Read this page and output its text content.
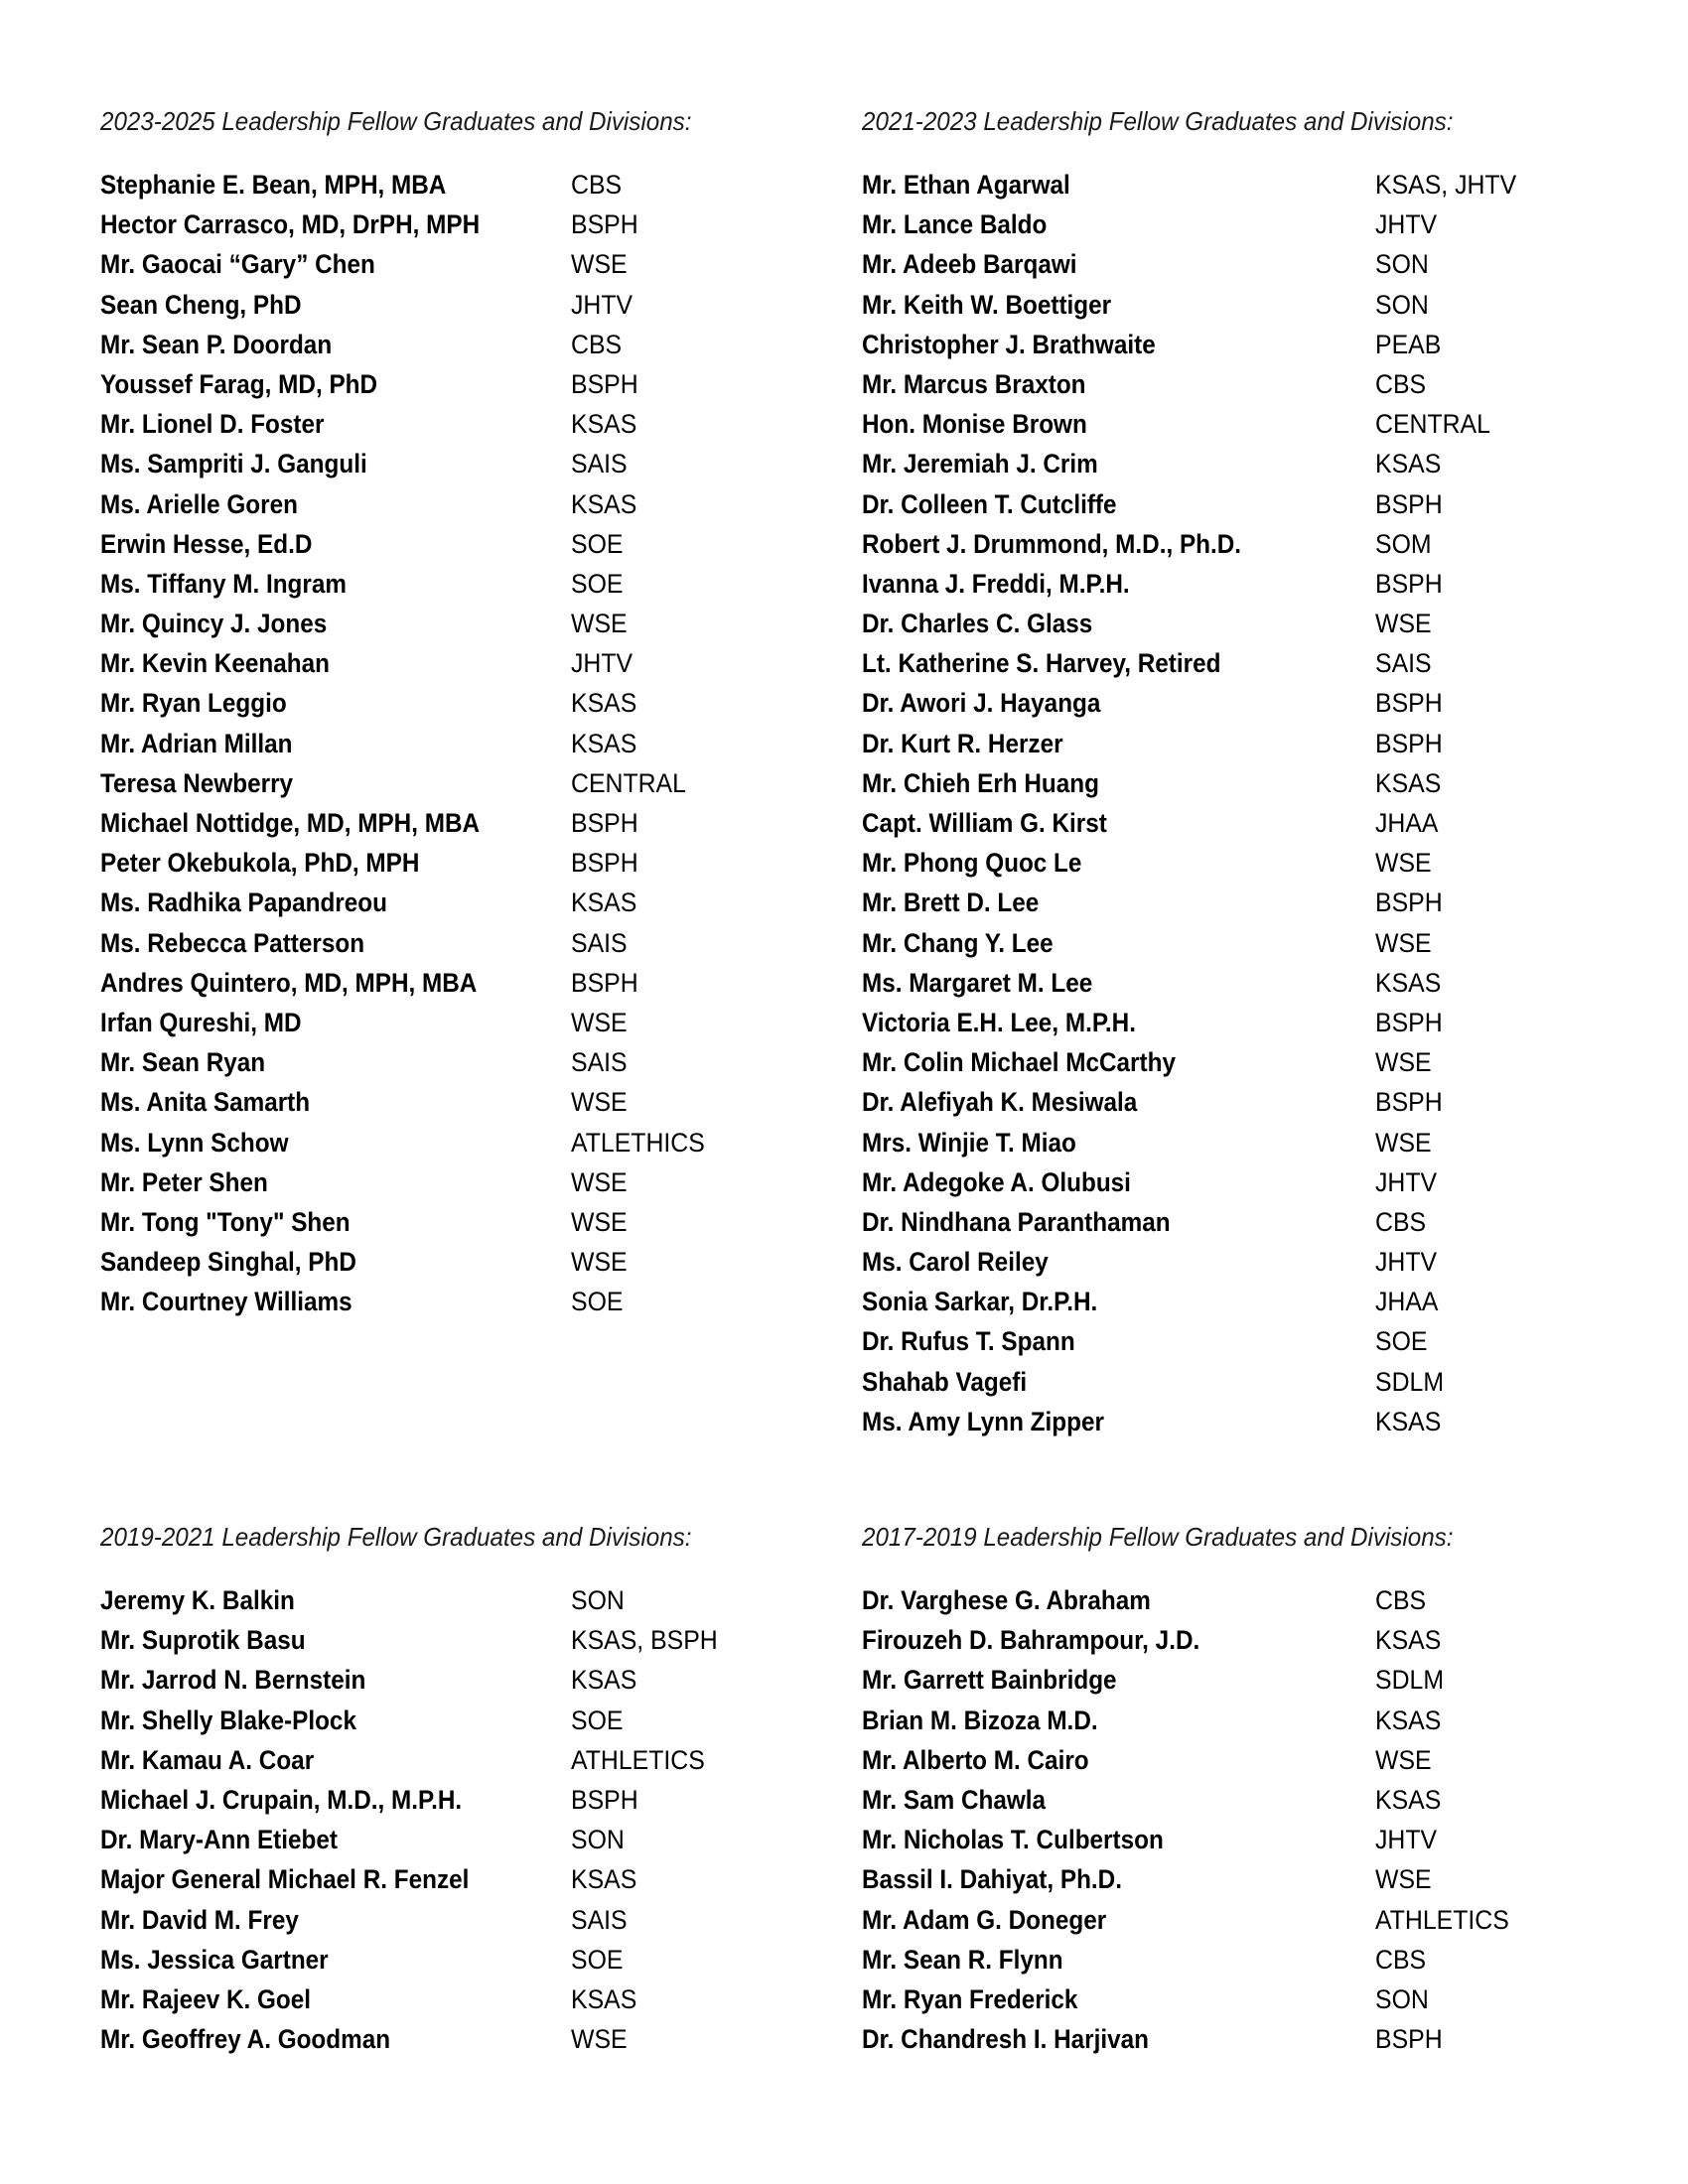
2023-2025 Leadership Fellow Graduates and Divisions:
Stephanie E. Bean, MPH, MBA	CBS
Hector Carrasco, MD, DrPH, MPH	BSPH
Mr. Gaocai “Gary” Chen	WSE
Sean Cheng, PhD	JHTV
Mr. Sean P. Doordan	CBS
Youssef Farag, MD, PhD	BSPH
Mr. Lionel D. Foster	KSAS
Ms. Sampriti J. Ganguli	SAIS
Ms. Arielle Goren	KSAS
Erwin Hesse, Ed.D	SOE
Ms. Tiffany M. Ingram	SOE
Mr. Quincy J. Jones	WSE
Mr. Kevin Keenahan	JHTV
Mr. Ryan Leggio	KSAS
Mr. Adrian Millan	KSAS
Teresa Newberry	CENTRAL
Michael Nottidge, MD, MPH, MBA	BSPH
Peter Okebukola, PhD, MPH	BSPH
Ms. Radhika Papandreou	KSAS
Ms. Rebecca Patterson	SAIS
Andres Quintero, MD, MPH, MBA	BSPH
Irfan Qureshi, MD	WSE
Mr. Sean Ryan	SAIS
Ms. Anita Samarth	WSE
Ms. Lynn Schow	ATLETHICS
Mr. Peter Shen	WSE
Mr. Tong "Tony" Shen	WSE
Sandeep Singhal, PhD	WSE
Mr. Courtney Williams	SOE
2021-2023 Leadership Fellow Graduates and Divisions:
Mr. Ethan Agarwal	KSAS, JHTV
Mr. Lance Baldo	JHTV
Mr. Adeeb Barqawi	SON
Mr. Keith W. Boettiger	SON
Christopher J. Brathwaite	PEAB
Mr. Marcus Braxton	CBS
Hon. Monise Brown	CENTRAL
Mr. Jeremiah J. Crim	KSAS
Dr. Colleen T. Cutcliffe	BSPH
Robert J. Drummond, M.D., Ph.D.	SOM
Ivanna J. Freddi, M.P.H.	BSPH
Dr. Charles C. Glass	WSE
Lt. Katherine S. Harvey, Retired	SAIS
Dr. Awori J. Hayanga	BSPH
Dr. Kurt R. Herzer	BSPH
Mr. Chieh Erh Huang	KSAS
Capt. William G. Kirst	JHAA
Mr. Phong Quoc Le	WSE
Mr. Brett D. Lee	BSPH
Mr. Chang Y. Lee	WSE
Ms. Margaret M. Lee	KSAS
Victoria E.H. Lee, M.P.H.	BSPH
Mr. Colin Michael McCarthy	WSE
Dr. Alefiyah K. Mesiwala	BSPH
Mrs. Winjie T. Miao	WSE
Mr. Adegoke A. Olubusi	JHTV
Dr. Nindhana Paranthaman	CBS
Ms. Carol Reiley	JHTV
Sonia Sarkar, Dr.P.H.	JHAA
Dr. Rufus T. Spann	SOE
Shahab Vagefi	SDLM
Ms. Amy Lynn Zipper	KSAS
2019-2021 Leadership Fellow Graduates and Divisions:
Jeremy K. Balkin	SON
Mr. Suprotik Basu	KSAS, BSPH
Mr. Jarrod N. Bernstein	KSAS
Mr. Shelly Blake-Plock	SOE
Mr. Kamau A. Coar	ATHLETICS
Michael J. Crupain, M.D., M.P.H.	BSPH
Dr. Mary-Ann Etiebet	SON
Major General Michael R. Fenzel	KSAS
Mr. David M. Frey	SAIS
Ms. Jessica Gartner	SOE
Mr. Rajeev K. Goel	KSAS
Mr. Geoffrey A. Goodman	WSE
2017-2019 Leadership Fellow Graduates and Divisions:
Dr. Varghese G. Abraham	CBS
Firouzeh D. Bahrampour, J.D.	KSAS
Mr. Garrett Bainbridge	SDLM
Brian M. Bizoza M.D.	KSAS
Mr. Alberto M. Cairo	WSE
Mr. Sam Chawla	KSAS
Mr. Nicholas T. Culbertson	JHTV
Bassil I. Dahiyat, Ph.D.	WSE
Mr. Adam G. Doneger	ATHLETICS
Mr. Sean R. Flynn	CBS
Mr. Ryan Frederick	SON
Dr. Chandresh I. Harjivan	BSPH
